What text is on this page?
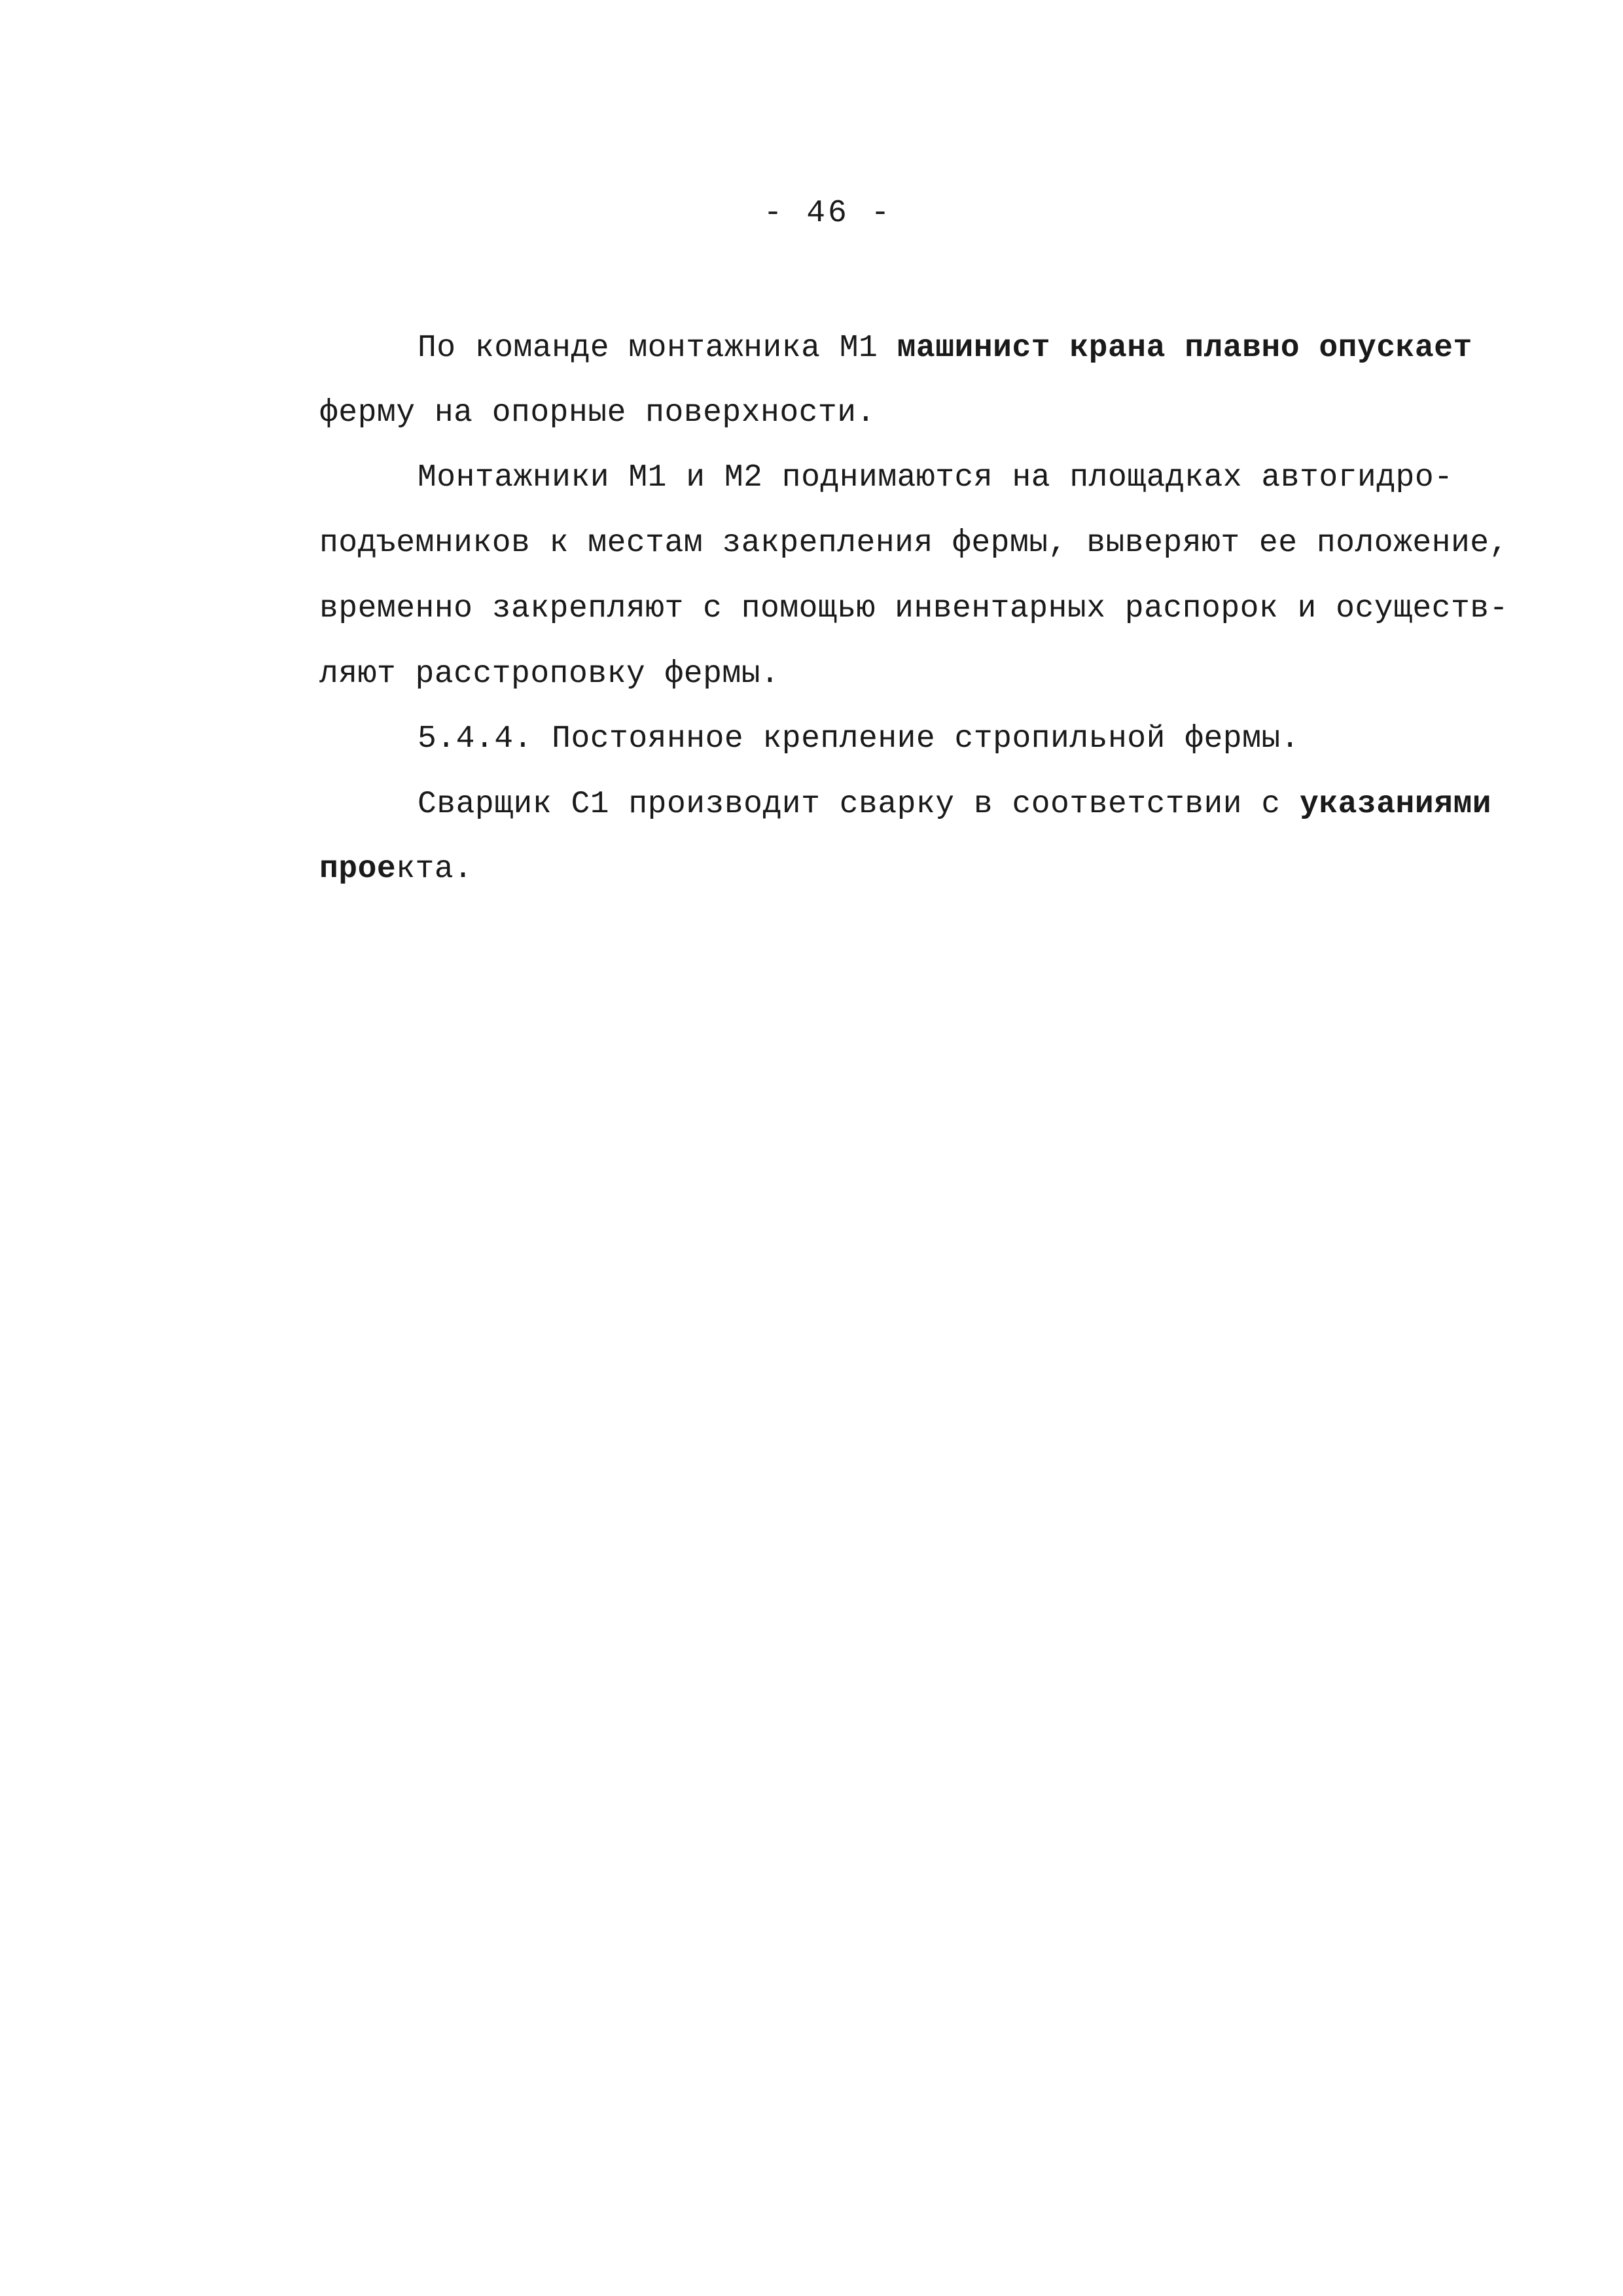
- 46 -
По команде монтажника М1 машинист крана плавно опускает
ферму на опорные поверхности.
Монтажники М1 и М2 поднимаются на площадках автогидро-
подъемников к местам закрепления фермы, выверяют ее положение,
временно закрепляют с помощью инвентарных распорок и осуществ-
ляют расстроповку фермы.
5.4.4. Постоянное крепление стропильной фермы.
Сварщик С1 производит сварку в соответствии с указаниями
проекта.
